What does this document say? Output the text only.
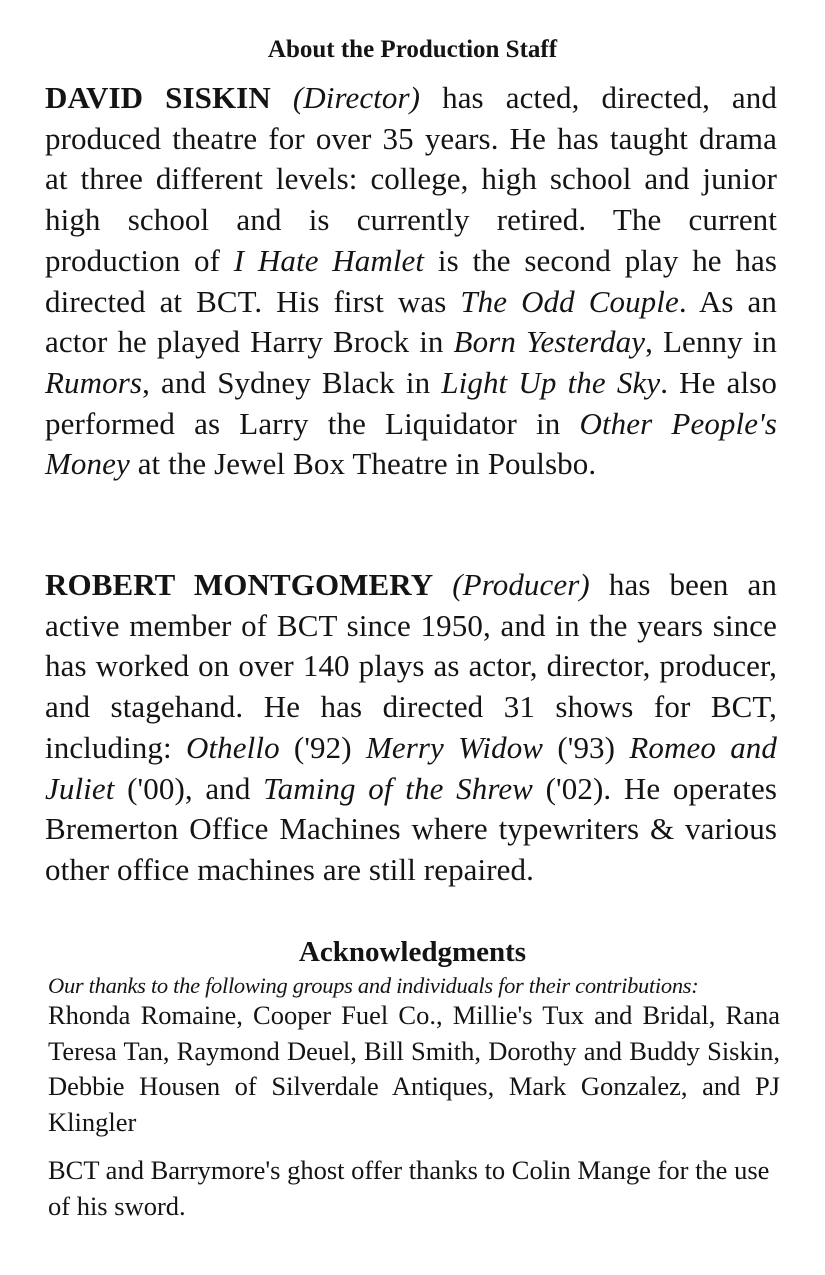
About the Production Staff

DAVID SISKIN (Director) has acted, directed, and produced theatre for over 35 years. He has taught drama at three different levels: college, high school and junior high school and is currently retired. The current production of I Hate Hamlet is the second play he has directed at BCT. His first was The Odd Couple. As an actor he played Harry Brock in Born Yesterday, Lenny in Rumors, and Sydney Black in Light Up the Sky. He also performed as Larry the Liquidator in Other People's Money at the Jewel Box Theatre in Poulsbo.

ROBERT MONTGOMERY (Producer) has been an active member of BCT since 1950, and in the years since has worked on over 140 plays as actor, director, producer, and stagehand. He has directed 31 shows for BCT, including: Othello ('92) Merry Widow ('93) Romeo and Juliet ('00), and Taming of the Shrew ('02). He operates Bremerton Office Machines where typewriters & various other office machines are still repaired.

Acknowledgments
Our thanks to the following groups and individuals for their contributions:
Rhonda Romaine, Cooper Fuel Co., Millie's Tux and Bridal, Rana Teresa Tan, Raymond Deuel, Bill Smith, Dorothy and Buddy Siskin, Debbie Housen of Silverdale Antiques, Mark Gonzalez, and PJ Klingler
BCT and Barrymore's ghost offer thanks to Colin Mange for the use of his sword.
